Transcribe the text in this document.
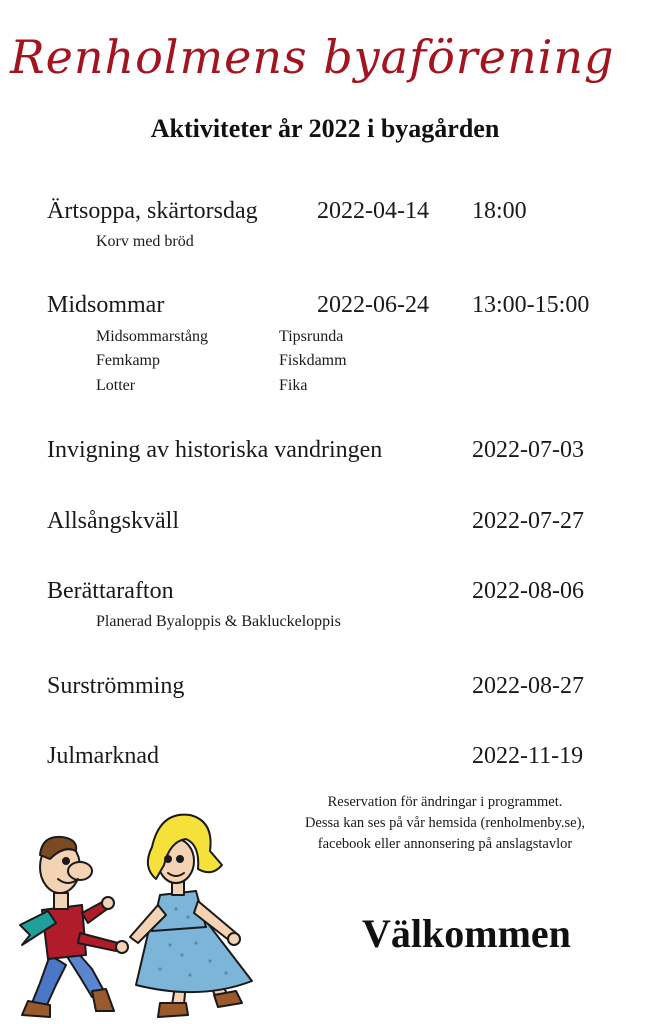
Renholmens byaförening
Aktiviteter år 2022 i byagården
Ärtsoppa, skärtorsdag 2022-04-14 18:00
Korv med bröd
Midsommar	2022-06-24 13:00-15:00
Midsommarstång	Tipsrunda
Femkamp	Fiskdamm
Lotter	Fika
Invigning av historiska vandringen	2022-07-03
Allsångskväll	2022-07-27
Berättarafton	2022-08-06
Planerad Byaloppis & Bakluckeloppis
Surströmming	2022-08-27
Julmarknad	2022-11-19
Reservation för ändringar i programmet.
Dessa kan ses på vår hemsida (renholmenby.se),
facebook eller annonsering på anslagstavlor
Välkommen
